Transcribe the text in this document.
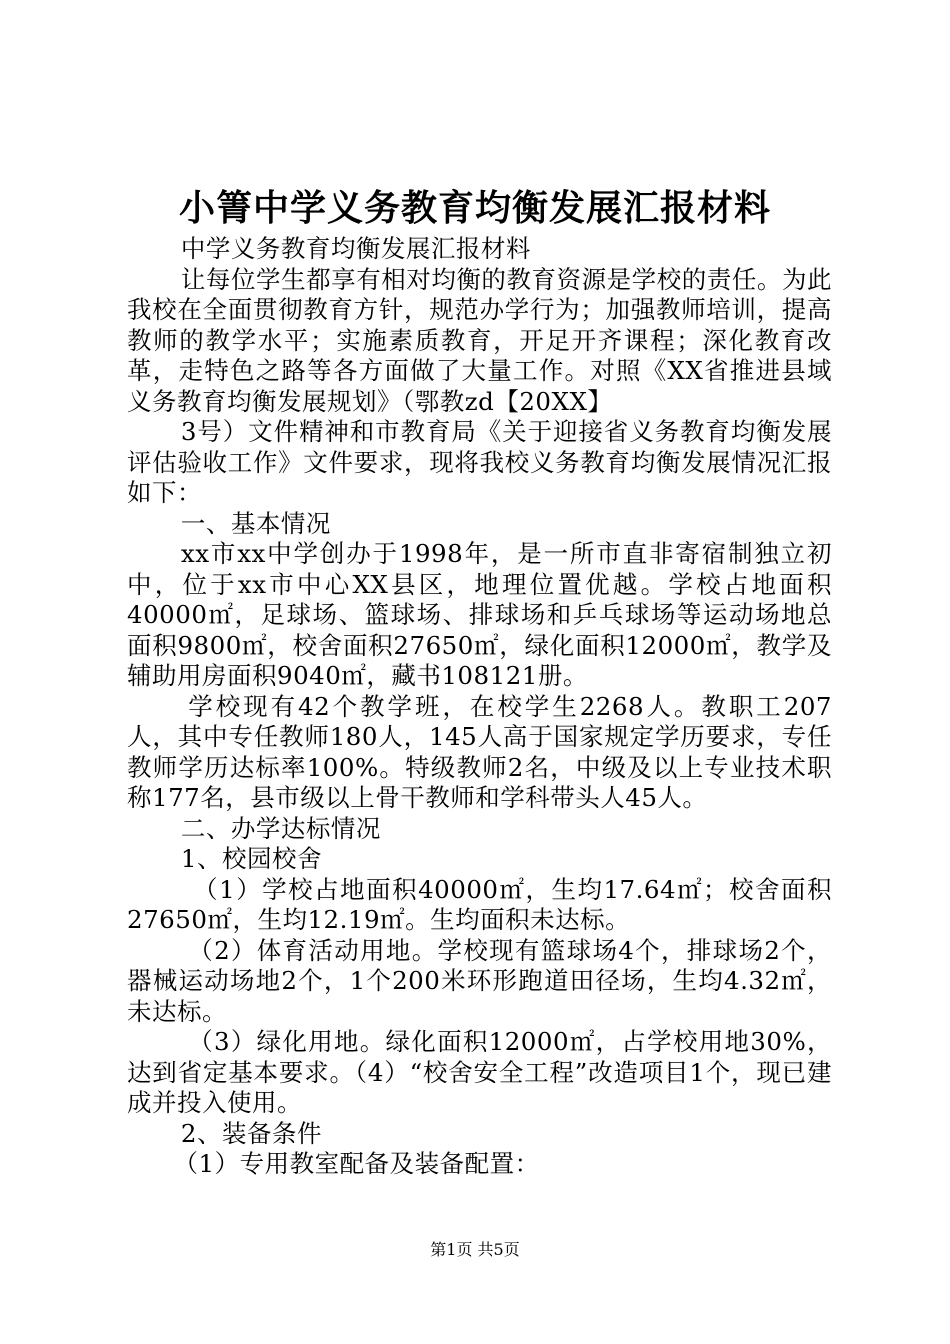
小箐中学义务教育均衡发展汇报材料

中学义务教育均衡发展汇报材料

让每位学生都享有相对均衡的教育资源是学校的责任。为此我校在全面贯彻教育方针，规范办学行为；加强教师培训，提高教师的教学水平；实施素质教育，开足开齐课程；深化教育改革，走特色之路等各方面做了大量工作。对照《XX省推进县域义务教育均衡发展规划》（鄂教zd【20XX】

3号）文件精神和市教育局《关于迎接省义务教育均衡发展评估验收工作》文件要求，现将我校义务教育均衡发展情况汇报如下：

一、基本情况

xx市xx中学创办于1998年，是一所市直非寄宿制独立初中，位于xx市中心XX县区，地理位置优越。学校占地面积40000㎡，足球场、篮球场、排球场和乒乓球场等运动场地总面积9800㎡，校舍面积27650㎡，绿化面积12000㎡，教学及辅助用房面积9040㎡，藏书108121册。

学校现有42个教学班，在校学生2268人。教职工207人，其中专任教师180人，145人高于国家规定学历要求，专任教师学历达标率100%。特级教师2名，中级及以上专业技术职称177名，县市级以上骨干教师和学科带头人45人。

二、办学达标情况

1、校园校舍

（1）学校占地面积40000㎡，生均17.64㎡；校舍面积27650㎡，生均12.19㎡。生均面积未达标。

（2）体育活动用地。学校现有篮球场4个，排球场2个，器械运动场地2个，1个200米环形跑道田径场，生均4.32㎡，未达标。

（3）绿化用地。绿化面积12000㎡，占学校用地30%，达到省定基本要求。（4）“校舍安全工程”改造项目1个，现已建成并投入使用。

2、装备条件

（1）专用教室配备及装备配置：

第1页 共5页
